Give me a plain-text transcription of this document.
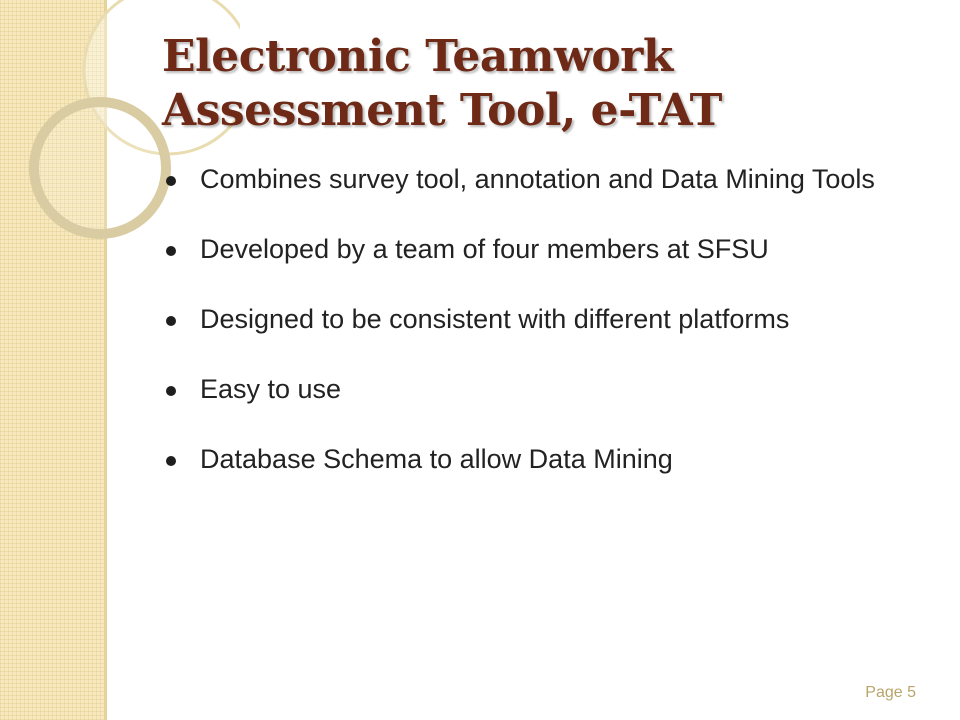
Electronic Teamwork
Assessment Tool, e-TAT
Combines survey tool, annotation and Data Mining Tools
Developed by a team of four members at SFSU
Designed to be consistent with different platforms
Easy to use
Database Schema to allow Data Mining
Page 5
